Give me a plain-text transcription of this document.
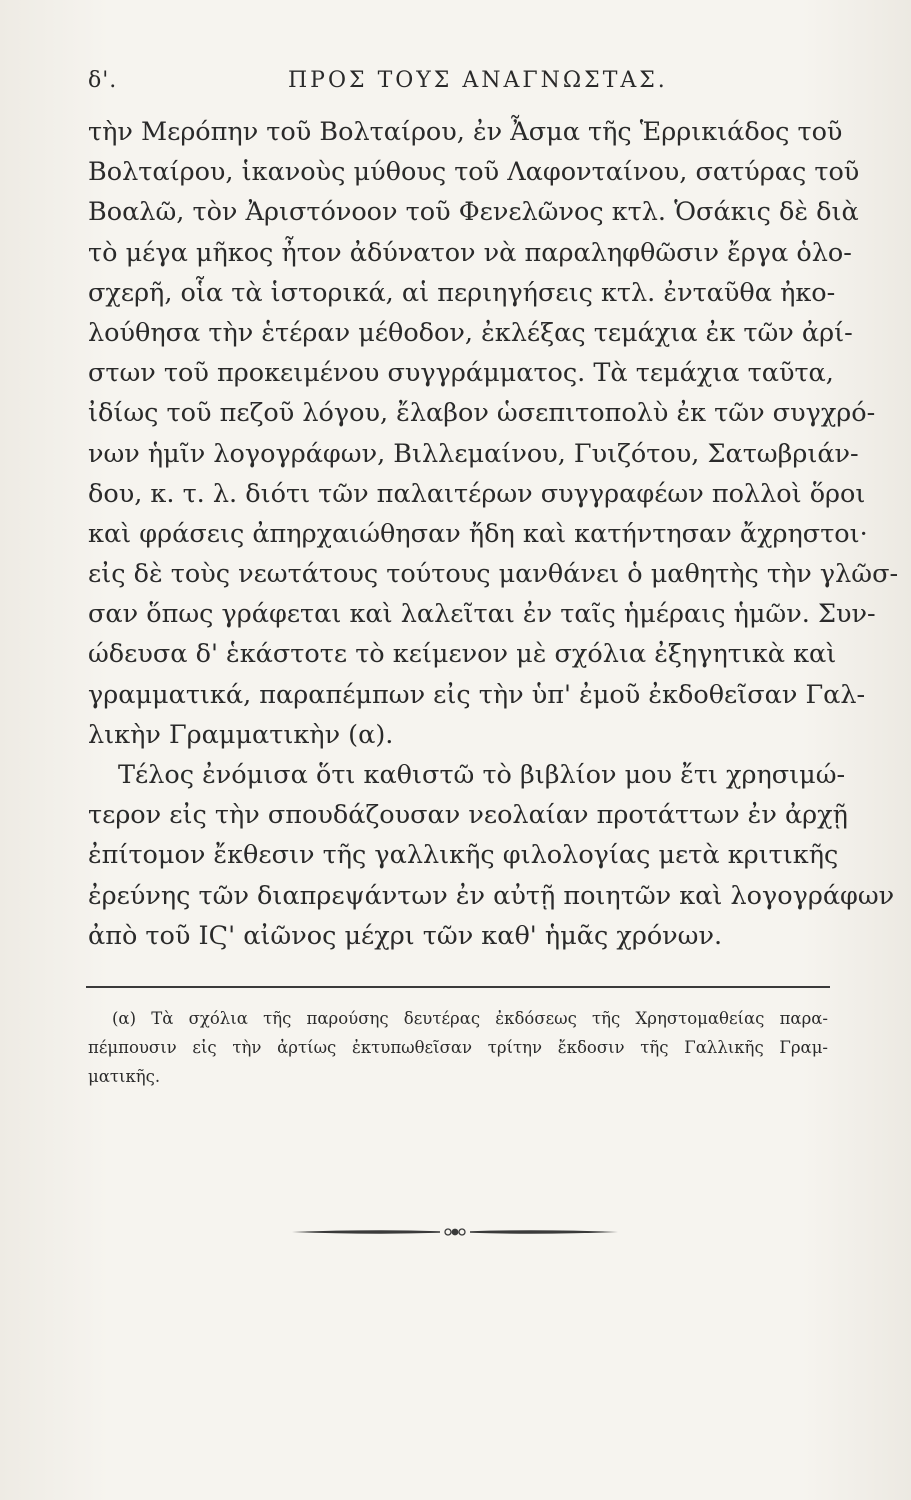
δ'.	ΠΡΟΣ ΤΟΥΣ ΑΝΑΓΝΩΣΤΑΣ.
τὴν Μερόπην τοῦ Βολταίρου, ἐν Ἆσμα τῆς Ἑρρικιάδος τοῦ
Βολταίρου, ἱκανοὺς μύθους τοῦ Λαφονταίνου, σατύρας τοῦ
Βοαλῶ, τὸν Ἀριστόνοον τοῦ Φενελῶνος κτλ. Ὁσάκις δὲ διὰ
τὸ μέγα μῆκος ἦτον ἀδύνατον νὰ παραληφθῶσιν ἔργα ὁλο-
σχερῆ, οἷα τὰ ἱστορικά, αἱ περιηγήσεις κτλ. ἐνταῦθα ἠκο-
λούθησα τὴν ἑτέραν μέθοδον, ἐκλέξας τεμάχια ἐκ τῶν ἀρί-
στων τοῦ προκειμένου συγγράμματος. Τὰ τεμάχια ταῦτα,
ἰδίως τοῦ πεζοῦ λόγου, ἔλαβον ὡσεπιτοπολὺ ἐκ τῶν συγχρό-
νων ἡμῖν λογογράφων, Βιλλεμαίνου, Γυιζότου, Σατωβριάν-
δου, κ. τ. λ. διότι τῶν παλαιτέρων συγγραφέων πολλοὶ ὅροι
καὶ φράσεις ἀπηρχαιώθησαν ἤδη καὶ κατήντησαν ἄχρηστοι·
εἰς δὲ τοὺς νεωτάτους τούτους μανθάνει ὁ μαθητὴς τὴν γλῶσ-
σαν ὅπως γράφεται καὶ λαλεῖται ἐν ταῖς ἡμέραις ἡμῶν. Συν-
ώδευσα δ' ἑκάστοτε τὸ κείμενον μὲ σχόλια ἐξηγητικὰ καὶ
γραμματικά, παραπέμπων εἰς τὴν ὑπ' ἐμοῦ ἐκδοθεῖσαν Γαλ-
λικὴν Γραμματικὴν (α).
Τέλος ἐνόμισα ὅτι καθιστῶ τὸ βιβλίον μου ἔτι χρησιμώ-
τερον εἰς τὴν σπουδάζουσαν νεολαίαν προτάττων ἐν ἀρχῇ
ἐπίτομον ἔκθεσιν τῆς γαλλικῆς φιλολογίας μετὰ κριτικῆς
ἐρεύνης τῶν διαπρεψάντων ἐν αὐτῇ ποιητῶν καὶ λογογράφων
ἀπὸ τοῦ ΙϚ' αἰῶνος μέχρι τῶν καθ' ἡμᾶς χρόνων.
(α) Τὰ σχόλια τῆς παρούσης δευτέρας ἐκδόσεως τῆς Χρηστομαθείας παρα-
πέμπουσιν εἰς τὴν ἀρτίως ἐκτυπωθεῖσαν τρίτην ἔκδοσιν τῆς Γαλλικῆς Γραμ-
ματικῆς.
